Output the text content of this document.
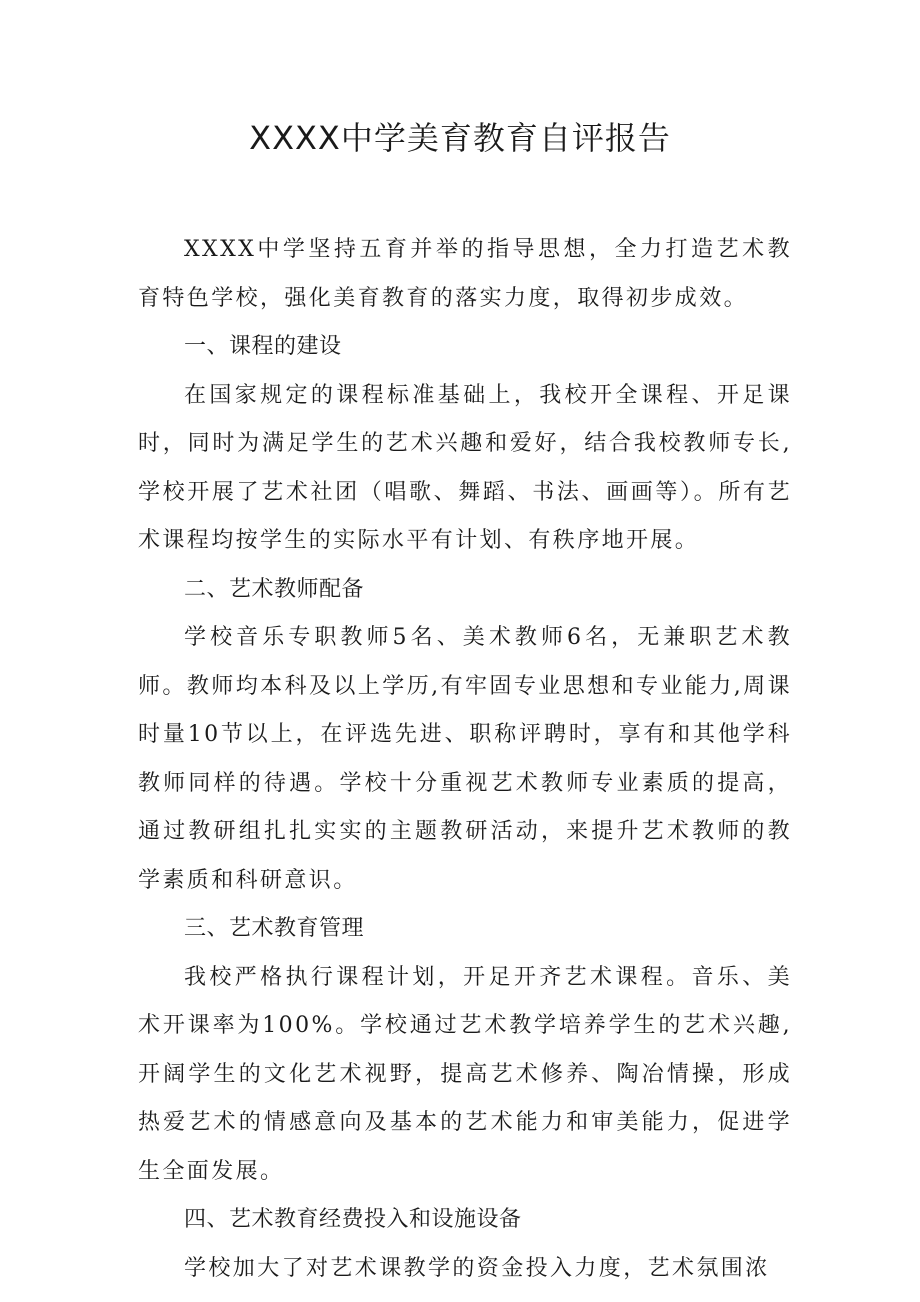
XXXX中学美育教育自评报告

XXXX中学坚持五育并举的指导思想，全力打造艺术教育特色学校，强化美育教育的落实力度，取得初步成效。

一、课程的建设

在国家规定的课程标准基础上，我校开全课程、开足课时，同时为满足学生的艺术兴趣和爱好，结合我校教师专长,学校开展了艺术社团（唱歌、舞蹈、书法、画画等）。所有艺术课程均按学生的实际水平有计划、有秩序地开展。

二、艺术教师配备

学校音乐专职教师5名、美术教师6名，无兼职艺术教师。教师均本科及以上学历,有牢固专业思想和专业能力,周课时量10节以上，在评选先进、职称评聘时，享有和其他学科教师同样的待遇。学校十分重视艺术教师专业素质的提高，通过教研组扎扎实实的主题教研活动，来提升艺术教师的教学素质和科研意识。

三、艺术教育管理

我校严格执行课程计划，开足开齐艺术课程。音乐、美术开课率为100%。学校通过艺术教学培养学生的艺术兴趣,开阔学生的文化艺术视野，提高艺术修养、陶冶情操，形成热爱艺术的情感意向及基本的艺术能力和审美能力，促进学生全面发展。

四、艺术教育经费投入和设施设备

学校加大了对艺术课教学的资金投入力度，艺术氛围浓
